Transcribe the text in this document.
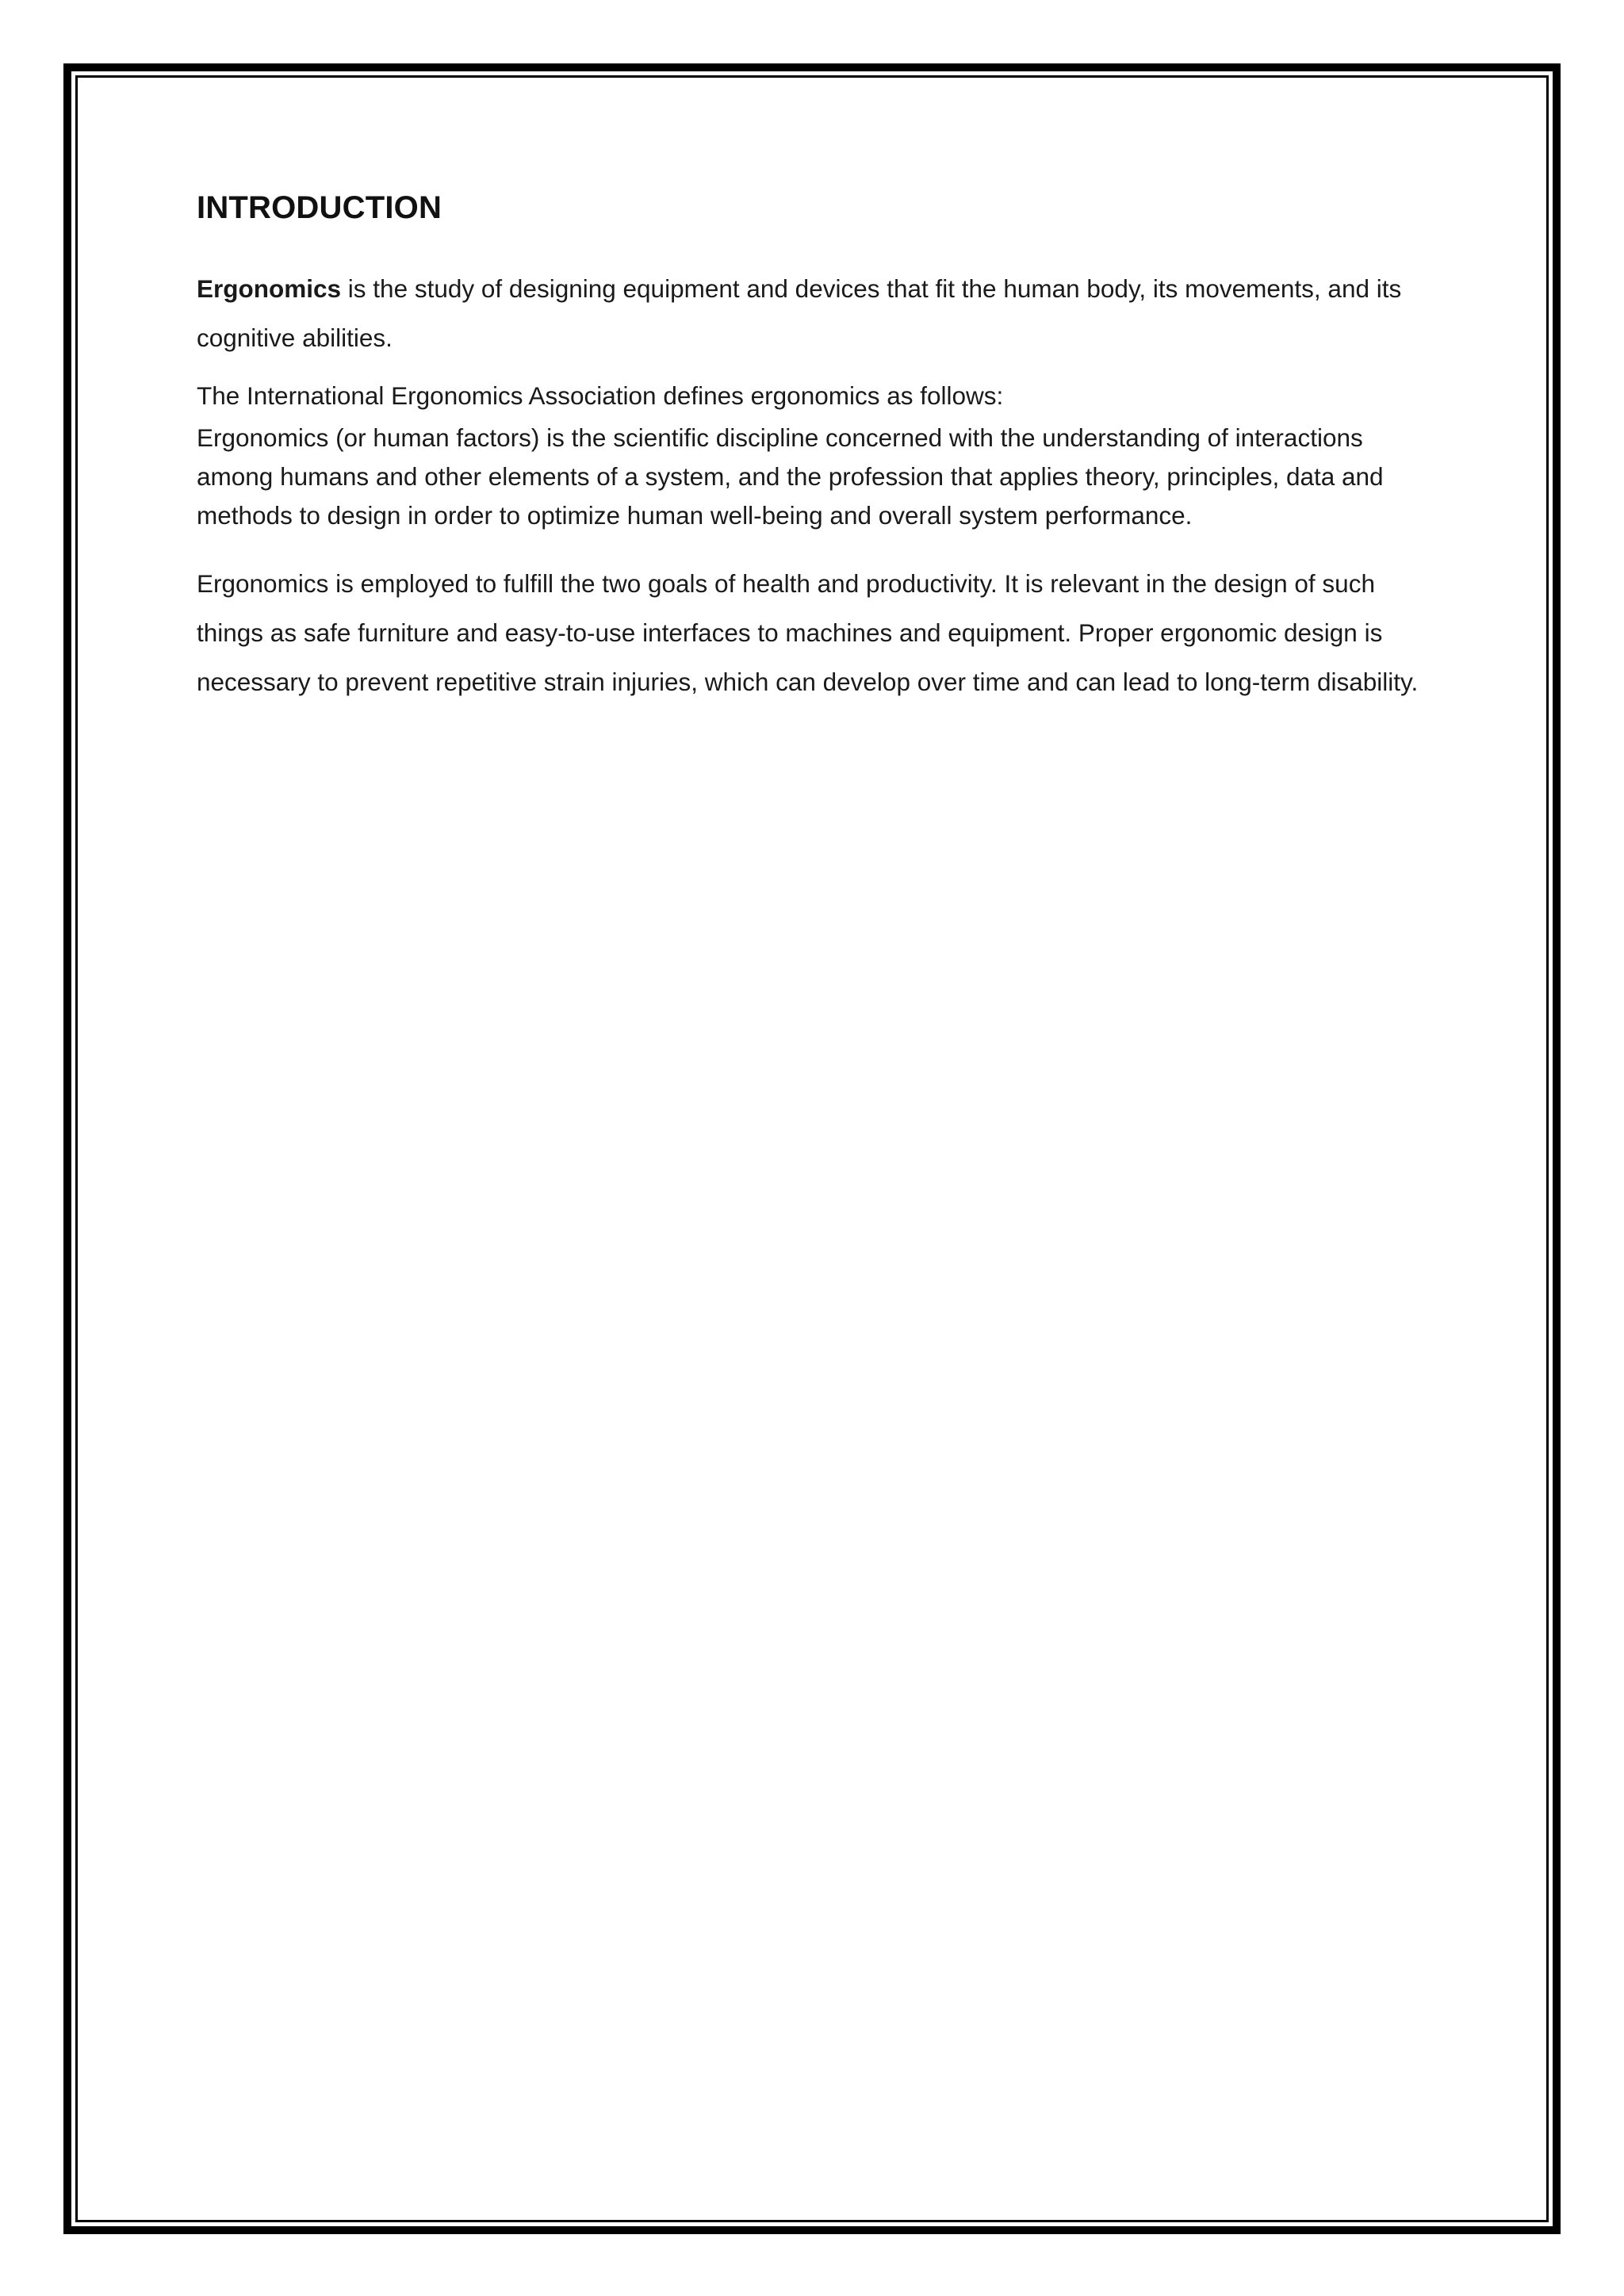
INTRODUCTION

Ergonomics is the study of designing equipment and devices that fit the human body, its movements, and its cognitive abilities.

The International Ergonomics Association defines ergonomics as follows:

Ergonomics (or human factors) is the scientific discipline concerned with the understanding of interactions among humans and other elements of a system, and the profession that applies theory, principles, data and methods to design in order to optimize human well-being and overall system performance.

Ergonomics is employed to fulfill the two goals of health and productivity. It is relevant in the design of such things as safe furniture and easy-to-use interfaces to machines and equipment. Proper ergonomic design is necessary to prevent repetitive strain injuries, which can develop over time and can lead to long-term disability.
